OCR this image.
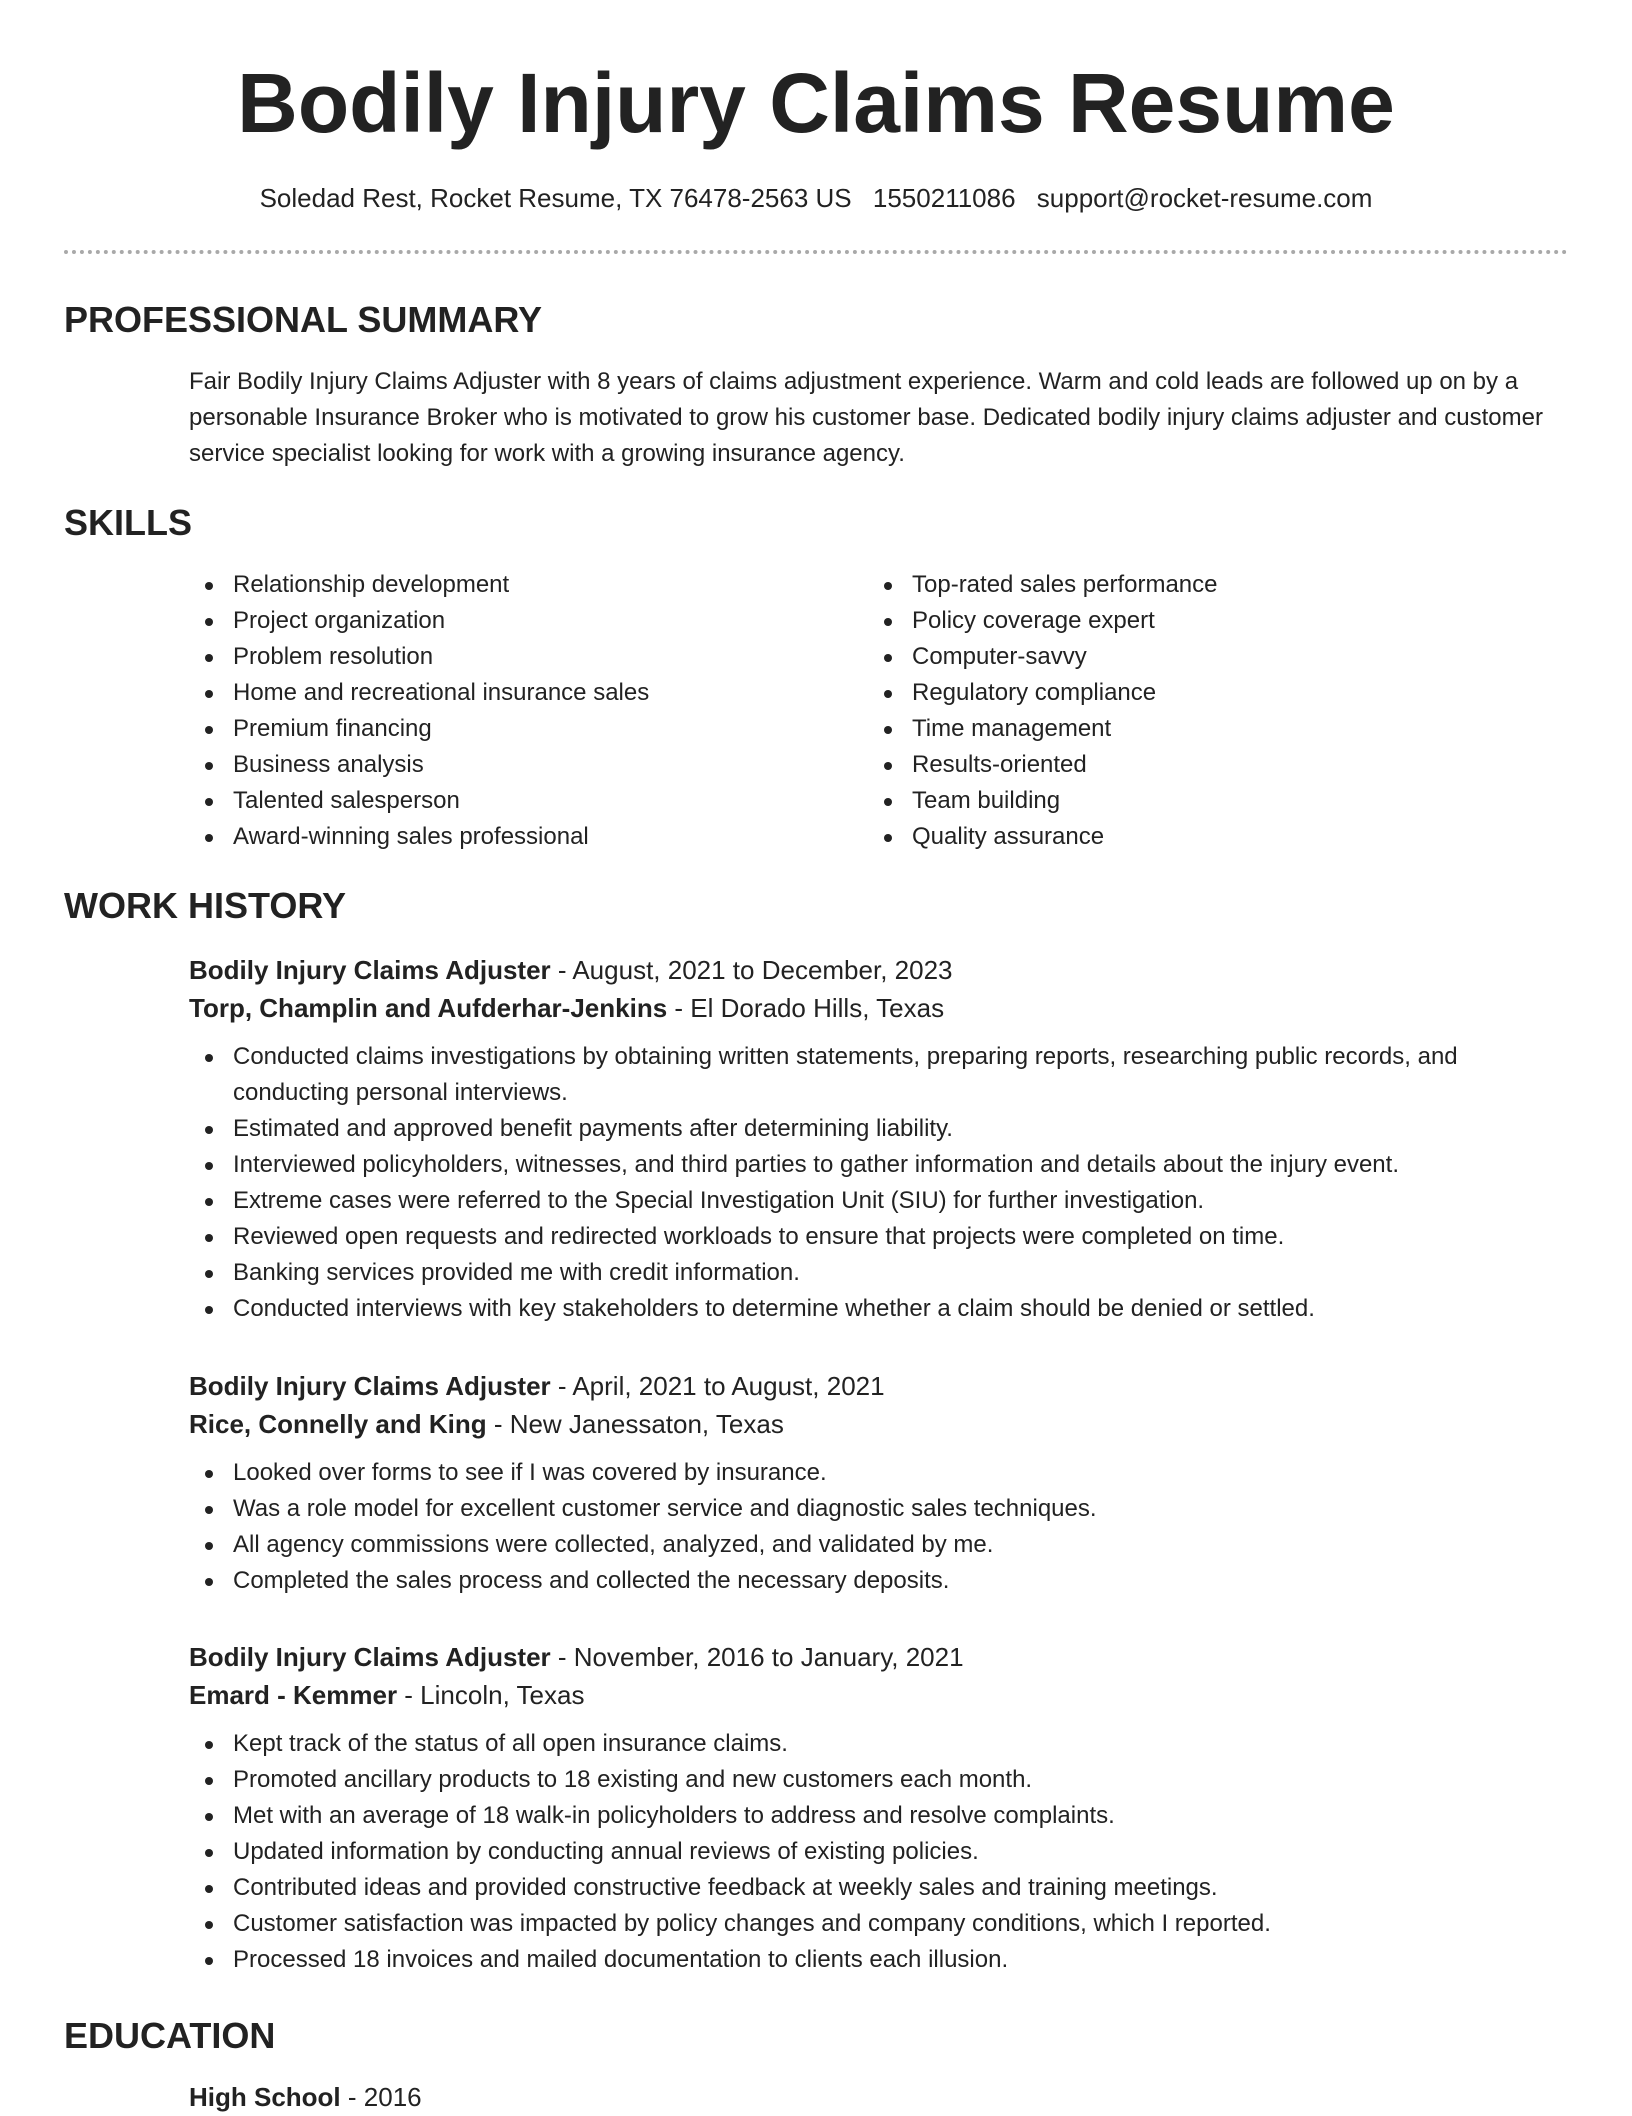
Bodily Injury Claims Resume
Soledad Rest, Rocket Resume, TX 76478-2563 US 1550211086 support@rocket-resume.com
PROFESSIONAL SUMMARY

Fair Bodily Injury Claims Adjuster with 8 years of claims adjustment experience. Warm and cold leads are followed up on by a personable Insurance Broker who is motivated to grow his customer base. Dedicated bodily injury claims adjuster and customer service specialist looking for work with a growing insurance agency.

SKILLS
Relationship development
Project organization
Problem resolution
Home and recreational insurance sales
Premium financing
Business analysis
Talented salesperson
Award-winning sales professional
Top-rated sales performance
Policy coverage expert
Computer-savvy
Regulatory compliance
Time management
Results-oriented
Team building
Quality assurance
WORK HISTORY
Bodily Injury Claims Adjuster - August, 2021 to December, 2023
Torp, Champlin and Aufderhar-Jenkins - El Dorado Hills, Texas
Conducted claims investigations by obtaining written statements, preparing reports, researching public records, and conducting personal interviews.
Estimated and approved benefit payments after determining liability.
Interviewed policyholders, witnesses, and third parties to gather information and details about the injury event.
Extreme cases were referred to the Special Investigation Unit (SIU) for further investigation.
Reviewed open requests and redirected workloads to ensure that projects were completed on time.
Banking services provided me with credit information.
Conducted interviews with key stakeholders to determine whether a claim should be denied or settled.
Bodily Injury Claims Adjuster - April, 2021 to August, 2021
Rice, Connelly and King - New Janessaton, Texas
Looked over forms to see if I was covered by insurance.
Was a role model for excellent customer service and diagnostic sales techniques.
All agency commissions were collected, analyzed, and validated by me.
Completed the sales process and collected the necessary deposits.
Bodily Injury Claims Adjuster - November, 2016 to January, 2021
Emard - Kemmer - Lincoln, Texas
Kept track of the status of all open insurance claims.
Promoted ancillary products to 18 existing and new customers each month.
Met with an average of 18 walk-in policyholders to address and resolve complaints.
Updated information by conducting annual reviews of existing policies.
Contributed ideas and provided constructive feedback at weekly sales and training meetings.
Customer satisfaction was impacted by policy changes and company conditions, which I reported.
Processed 18 invoices and mailed documentation to clients each illusion.
EDUCATION
High School - 2016
